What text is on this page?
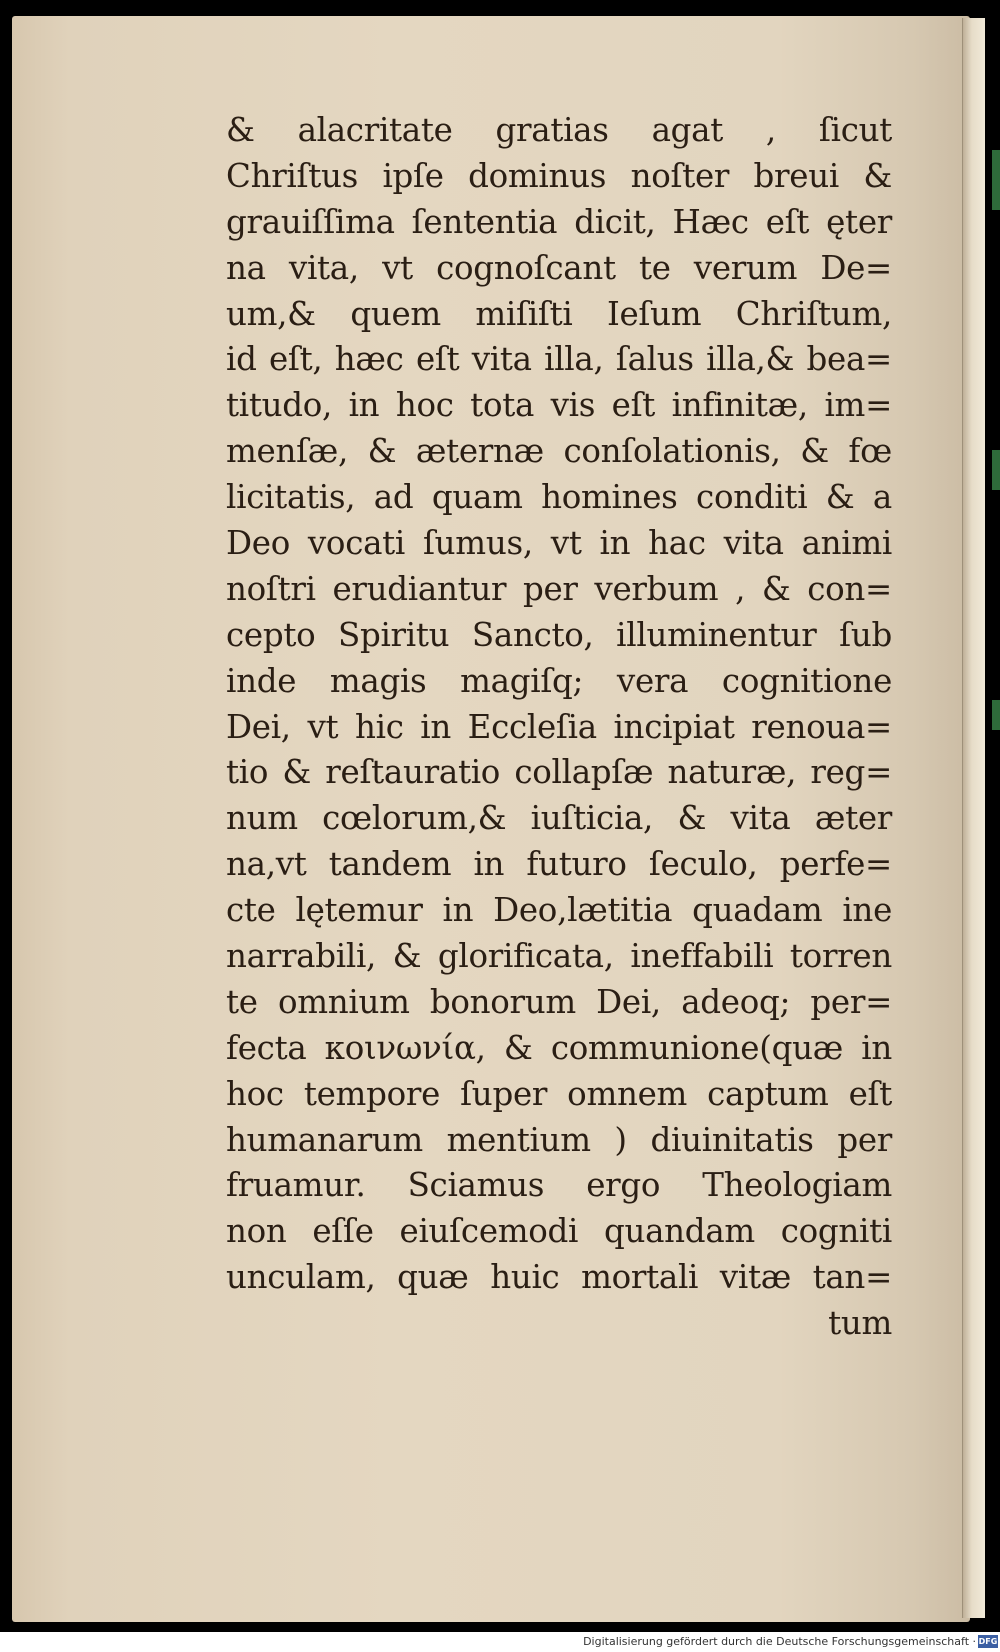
& alacritate gratias agat , ſicut
Chriſtus ipſe dominus noſter breui &
grauiſſima ſententia dicit, Hæc eſt ęter
na vita, vt cognoſcant te verum De=
um,& quem miſiſti Ieſum Chriſtum,
id eſt, hæc eſt vita illa, ſalus illa,& bea=
titudo, in hoc tota vis eſt infinitæ, im=
menſæ, & æternæ conſolationis, & fœ
licitatis, ad quam homines conditi & a
Deo vocati ſumus, vt in hac vita animi
noſtri erudiantur per verbum , & con=
cepto Spiritu Sancto, illuminentur ſub
inde magis magiſq; vera cognitione
Dei, vt hic in Eccleſia incipiat renoua=
tio & reſtauratio collapſæ naturæ, reg=
num cœlorum,& iuſticia, & vita æter
na,vt tandem in futuro ſeculo, perfe=
cte lętemur in Deo,lætitia quadam ine
narrabili, & glorificata, ineffabili torren
te omnium bonorum Dei, adeoq; per=
fecta κοινωνία, & communione(quæ in
hoc tempore ſuper omnem captum eſt
humanarum mentium ) diuinitatis per
fruamur. Sciamus ergo Theologiam
non eſſe eiuſcemodi quandam cogniti
unculam, quæ huic mortali vitæ tan=
tum
Digitalisierung gefördert durch die Deutsche Forschungsgemeinschaft · DFG
